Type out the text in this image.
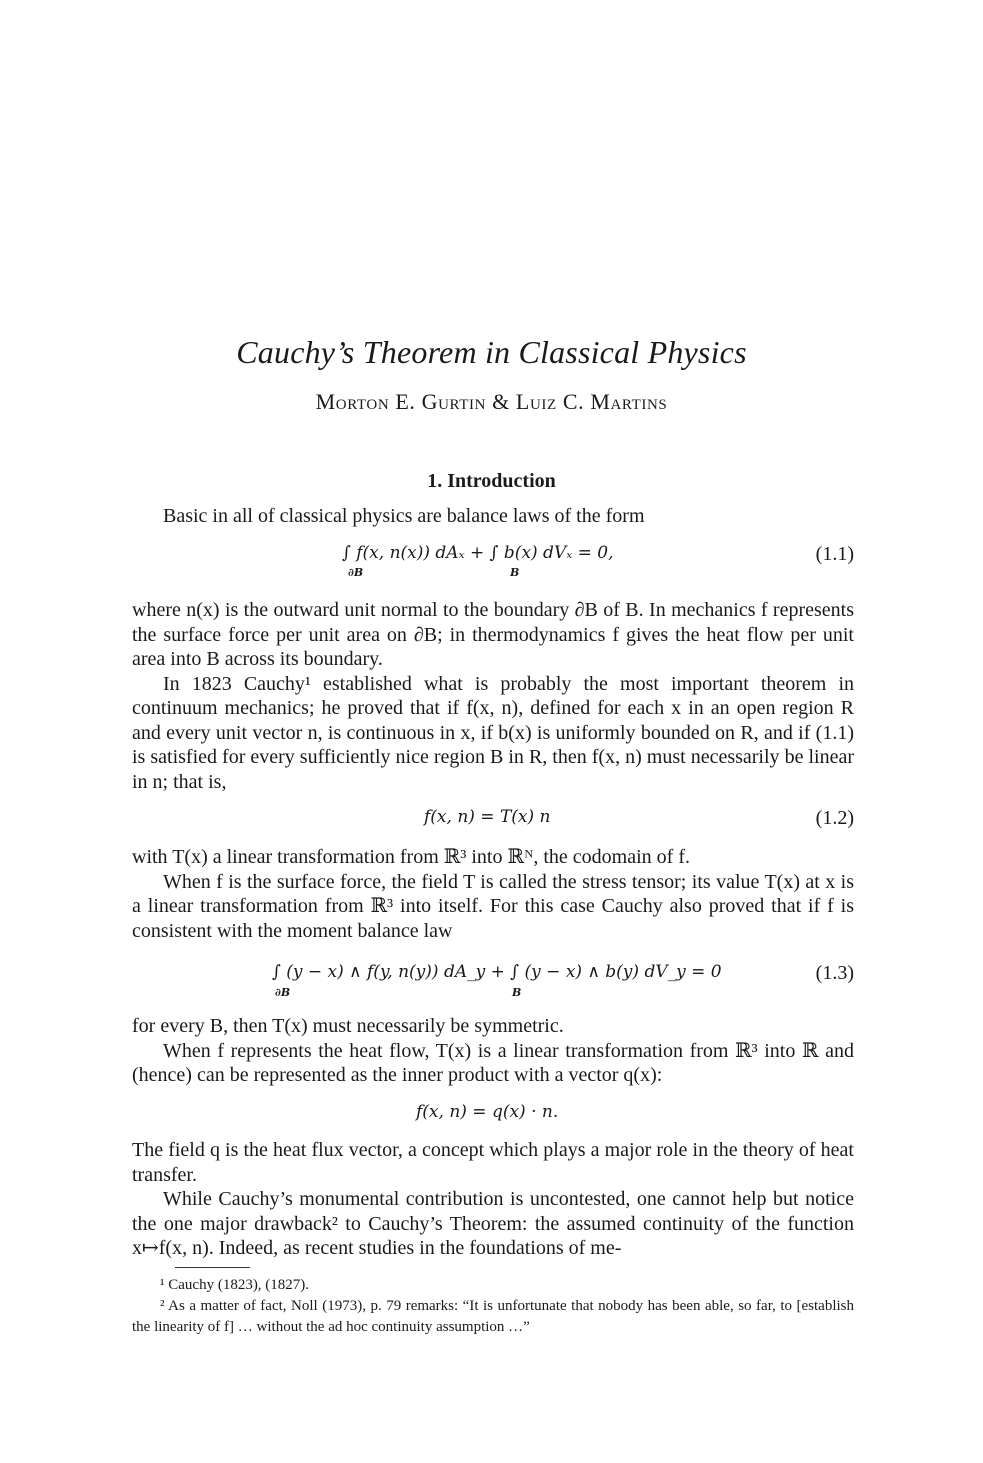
Cauchy’s Theorem in Classical Physics
Morton E. Gurtin & Luiz C. Martins
1. Introduction

Basic in all of classical physics are balance laws of the form

∫ f(x, n(x)) dAₓ + ∫ b(x) dVₓ = 0,
∂B	B
(1.1)

where n(x) is the outward unit normal to the boundary ∂B of B. In mechanics f represents the surface force per unit area on ∂B; in thermodynamics f gives the heat flow per unit area into B across its boundary.

In 1823 Cauchy¹ established what is probably the most important theorem in continuum mechanics; he proved that if f(x, n), defined for each x in an open region R and every unit vector n, is continuous in x, if b(x) is uniformly bounded on R, and if (1.1) is satisfied for every sufficiently nice region B in R, then f(x, n) must necessarily be linear in n; that is,

f(x, n) = T(x) n	(1.2)

with T(x) a linear transformation from ℝ³ into ℝᴺ, the codomain of f.

When f is the surface force, the field T is called the stress tensor; its value T(x) at x is a linear transformation from ℝ³ into itself. For this case Cauchy also proved that if f is consistent with the moment balance law

∫ (y − x) ∧ f(y, n(y)) dA_y + ∫ (y − x) ∧ b(y) dV_y = 0
∂B	B
(1.3)

for every B, then T(x) must necessarily be symmetric.

When f represents the heat flow, T(x) is a linear transformation from ℝ³ into ℝ and (hence) can be represented as the inner product with a vector q(x):

f(x, n) = q(x) · n.

The field q is the heat flux vector, a concept which plays a major role in the theory of heat transfer.

While Cauchy’s monumental contribution is uncontested, one cannot help but notice the one major drawback² to Cauchy’s Theorem: the assumed continuity of the function x↦f(x, n). Indeed, as recent studies in the foundations of me-

¹ Cauchy (1823), (1827).

² As a matter of fact, Noll (1973), p. 79 remarks: “It is unfortunate that nobody has been able, so far, to [establish the linearity of f] … without the ad hoc continuity assumption …”
